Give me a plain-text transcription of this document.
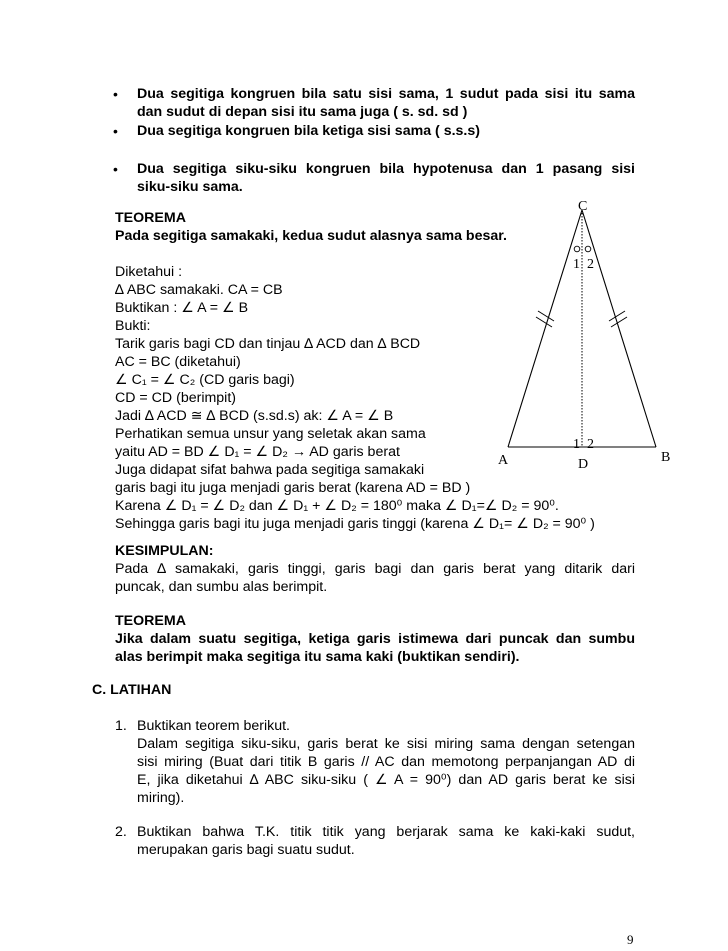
• Dua segitiga kongruen bila satu sisi sama, 1 sudut pada sisi itu sama
dan sudut di depan sisi itu sama juga ( s. sd. sd )
• Dua segitiga kongruen bila ketiga sisi sama ( s.s.s)
• Dua segitiga siku-siku kongruen bila hypotenusa dan 1 pasang sisi
siku-siku sama.
TEOREMA
Pada segitiga samakaki, kedua sudut alasnya sama besar.
Diketahui :
∆ ABC samakaki. CA = CB
Buktikan : ∠ A = ∠ B
Bukti:
Tarik garis bagi CD dan tinjau ∆ ACD dan ∆ BCD
AC = BC (diketahui)
∠ C₁ = ∠ C₂ (CD garis bagi)
CD = CD (berimpit)
Jadi ∆ ACD ≅ ∆ BCD (s.sd.s) ak: ∠ A = ∠ B
Perhatikan semua unsur yang seletak akan sama
yaitu AD = BD ∠ D₁ = ∠ D₂ → AD garis berat
Juga didapat sifat bahwa pada segitiga samakaki
garis bagi itu juga menjadi garis berat (karena AD = BD )
Karena ∠ D₁ = ∠ D₂ dan ∠ D₁ + ∠ D₂ = 180⁰ maka ∠ D₁=∠ D₂ = 90⁰.
Sehingga garis bagi itu juga menjadi garis tinggi (karena ∠ D₁= ∠ D₂ = 90⁰ )
C
1 2
1 2
A	D	B
KESIMPULAN:
Pada ∆ samakaki, garis tinggi, garis bagi dan garis berat yang ditarik dari
puncak, dan sumbu alas berimpit.
TEOREMA
Jika dalam suatu segitiga, ketiga garis istimewa dari puncak dan sumbu
alas berimpit maka segitiga itu sama kaki (buktikan sendiri).
C. LATIHAN
1. Buktikan teorem berikut.
Dalam segitiga siku-siku, garis berat ke sisi miring sama dengan setengan
sisi miring (Buat dari titik B garis // AC dan memotong perpanjangan AD di
E, jika diketahui ∆ ABC siku-siku ( ∠ A = 90⁰) dan AD garis berat ke sisi
miring).
2. Buktikan bahwa T.K. titik titik yang berjarak sama ke kaki-kaki sudut,
merupakan garis bagi suatu sudut.
9
